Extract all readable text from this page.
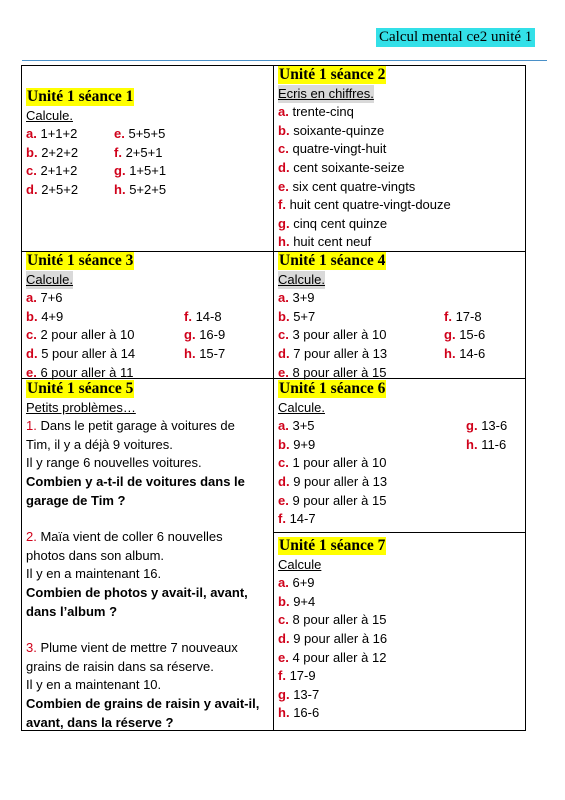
Calcul mental ce2 unité 1
Unité 1 séance 1
Calcule.
a. 1+1+2	e. 5+5+5
b. 2+2+2	f. 2+5+1
c. 2+1+2	g. 1+5+1
d. 2+5+2	h. 5+2+5
Unité 1 séance 2
Ecris en chiffres.
a. trente-cinq
b. soixante-quinze
c. quatre-vingt-huit
d. cent soixante-seize
e. six cent quatre-vingts
f. huit cent quatre-vingt-douze
g. cinq cent quinze
h. huit cent neuf
Unité 1 séance 3
Calcule.
a. 7+6
b. 4+9	f. 14-8
c. 2 pour aller à 10	g. 16-9
d. 5 pour aller à 14	h. 15-7
e. 6 pour aller à 11
Unité 1 séance 4
Calcule.
a. 3+9
b. 5+7	f. 17-8
c. 3 pour aller à 10	g. 15-6
d. 7 pour aller à 13	h. 14-6
e. 8 pour aller à 15
Unité 1 séance 5
Petits problèmes…
1. Dans le petit garage à voitures de
Tim, il y a déjà 9 voitures.
Il y range 6 nouvelles voitures.
Combien y a-t-il de voitures dans le
garage de Tim ?
2. Maïa vient de coller 6 nouvelles
photos dans son album.
Il y en a maintenant 16.
Combien de photos y avait-il, avant,
dans l’album ?
3. Plume vient de mettre 7 nouveaux
grains de raisin dans sa réserve.
Il y en a maintenant 10.
Combien de grains de raisin y avait-il,
avant, dans la réserve ?
Unité 1 séance 6
Calcule.
a. 3+5	g. 13-6
b. 9+9	h. 11-6
c. 1 pour aller à 10
d. 9 pour aller à 13
e. 9 pour aller à 15
f. 14-7
Unité 1 séance 7
Calcule
a. 6+9
b. 9+4
c. 8 pour aller à 15
d. 9 pour aller à 16
e. 4 pour aller à 12
f. 17-9
g. 13-7
h. 16-6
